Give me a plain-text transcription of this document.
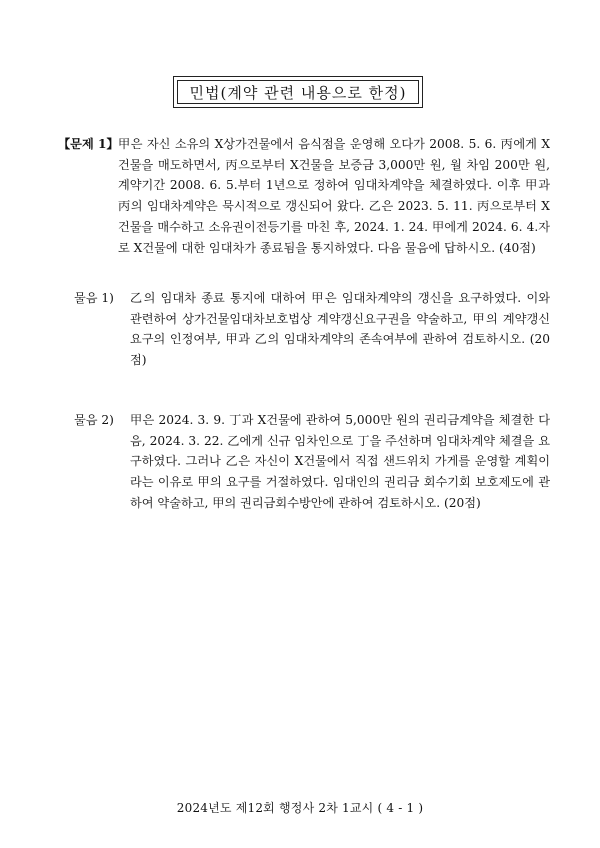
민법(계약 관련 내용으로 한정)
【문제 1】 甲은 자신 소유의 X상가건물에서 음식점을 운영해 오다가 2008. 5. 6. 丙에게 X건물을 매도하면서, 丙으로부터 X건물을 보증금 3,000만 원, 월 차임 200만 원, 계약기간 2008. 6. 5.부터 1년으로 정하여 임대차계약을 체결하였다. 이후 甲과 丙의 임대차계약은 묵시적으로 갱신되어 왔다. 乙은 2023. 5. 11. 丙으로부터 X건물을 매수하고 소유권이전등기를 마친 후, 2024. 1. 24. 甲에게 2024. 6. 4.자로 X건물에 대한 임대차가 종료됨을 통지하였다. 다음 물음에 답하시오. (40점)
물음 1)	乙의 임대차 종료 통지에 대하여 甲은 임대차계약의 갱신을 요구하였다. 이와 관련하여 상가건물임대차보호법상 계약갱신요구권을 약술하고, 甲의 계약갱신요구의 인정여부, 甲과 乙의 임대차계약의 존속여부에 관하여 검토하시오. (20점)
물음 2)	甲은 2024. 3. 9. 丁과 X건물에 관하여 5,000만 원의 권리금계약을 체결한 다음, 2024. 3. 22. 乙에게 신규 임차인으로 丁을 주선하며 임대차계약 체결을 요구하였다. 그러나 乙은 자신이 X건물에서 직접 샌드위치 가게를 운영할 계획이라는 이유로 甲의 요구를 거절하였다. 임대인의 권리금 회수기회 보호제도에 관하여 약술하고, 甲의 권리금회수방안에 관하여 검토하시오. (20점)
2024년도 제12회 행정사 2차 1교시 ( 4 - 1 )
